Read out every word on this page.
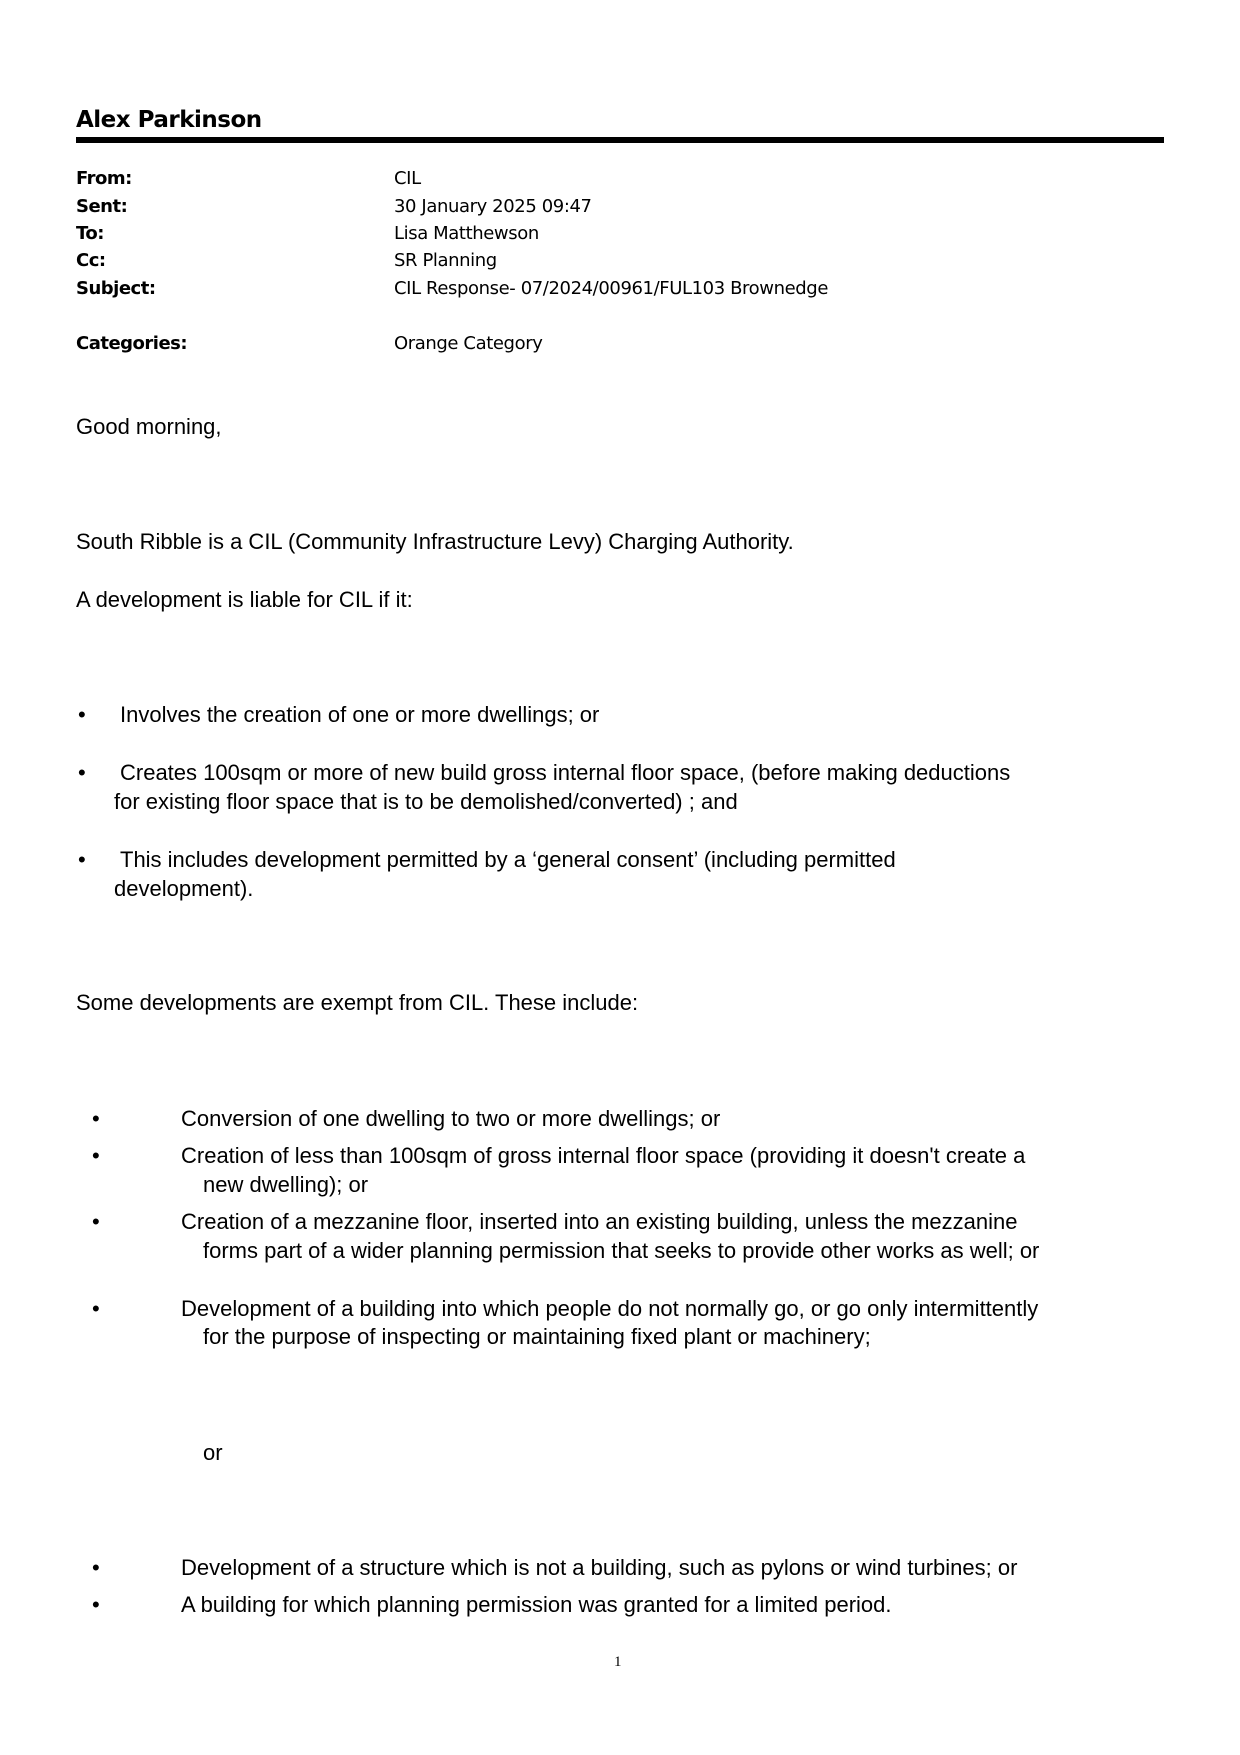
Alex Parkinson
From:	CIL
Sent:	30 January 2025 09:47
To:	Lisa Matthewson
Cc:	SR Planning
Subject:	CIL Response- 07/2024/00961/FUL103 Brownedge
Categories:	Orange Category
Good morning,
South Ribble is a CIL (Community Infrastructure Levy) Charging Authority.
A development is liable for CIL if it:
• Involves the creation of one or more dwellings; or
• Creates 100sqm or more of new build gross internal floor space, (before making deductions
for existing floor space that is to be demolished/converted) ; and
• This includes development permitted by a ‘general consent’ (including permitted
development).
Some developments are exempt from CIL. These include:
•	Conversion of one dwelling to two or more dwellings; or
•	Creation of less than 100sqm of gross internal floor space (providing it doesn't create a
new dwelling); or
•	Creation of a mezzanine floor, inserted into an existing building, unless the mezzanine
forms part of a wider planning permission that seeks to provide other works as well; or
•	Development of a building into which people do not normally go, or go only intermittently
for the purpose of inspecting or maintaining fixed plant or machinery;
or
•	Development of a structure which is not a building, such as pylons or wind turbines; or
•	A building for which planning permission was granted for a limited period.
1
